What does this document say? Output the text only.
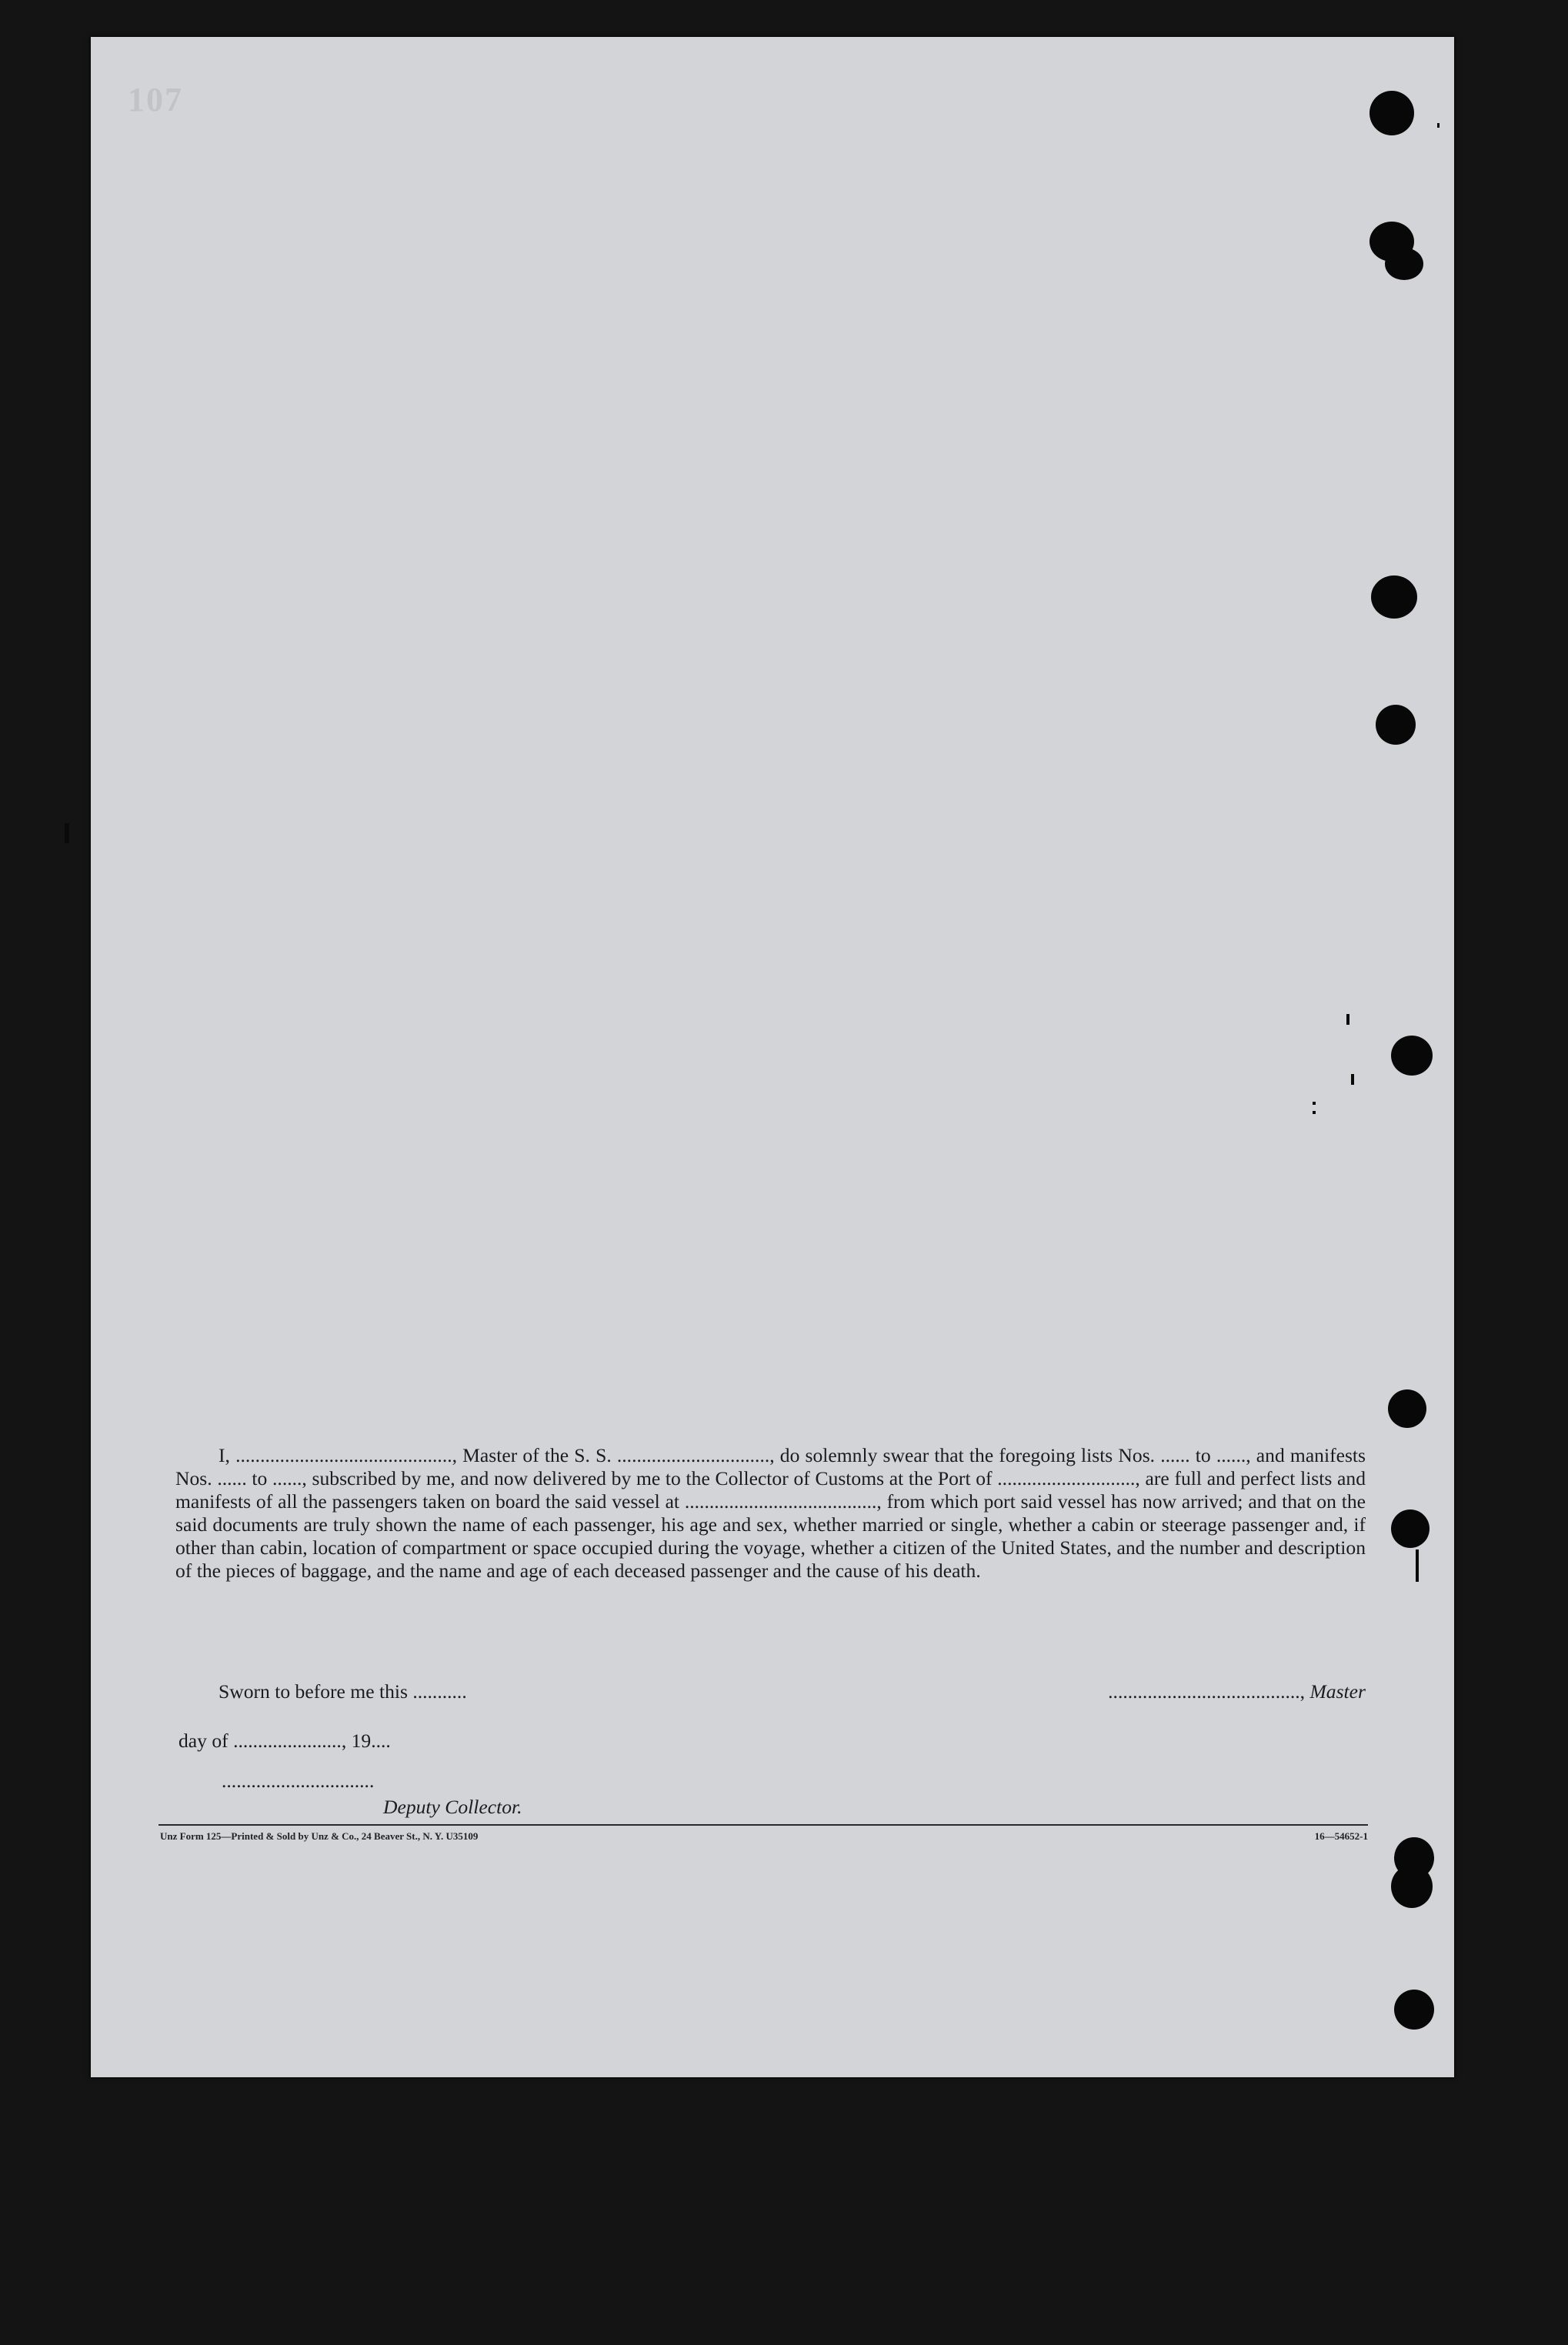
107
I, ............................................, Master of the S. S. ..............................., do solemnly swear that the foregoing lists Nos. ...... to ......, and manifests Nos. ...... to ......, subscribed by me, and now delivered by me to the Collector of Customs at the Port of ............................, are full and perfect lists and manifests of all the passengers taken on board the said vessel at ......................................., from which port said vessel has now arrived; and that on the said documents are truly shown the name of each passenger, his age and sex, whether married or single, whether a cabin or steerage passenger and, if other than cabin, location of compartment or space occupied during the voyage, whether a citizen of the United States, and the number and description of the pieces of baggage, and the name and age of each deceased passenger and the cause of his death.
Sworn to before me this ...........	......................................., Master
day of ......................, 19....
...............................
Deputy Collector.
Unz Form 125—Printed & Sold by Unz & Co., 24 Beaver St., N. Y. U35109	16—54652-1
